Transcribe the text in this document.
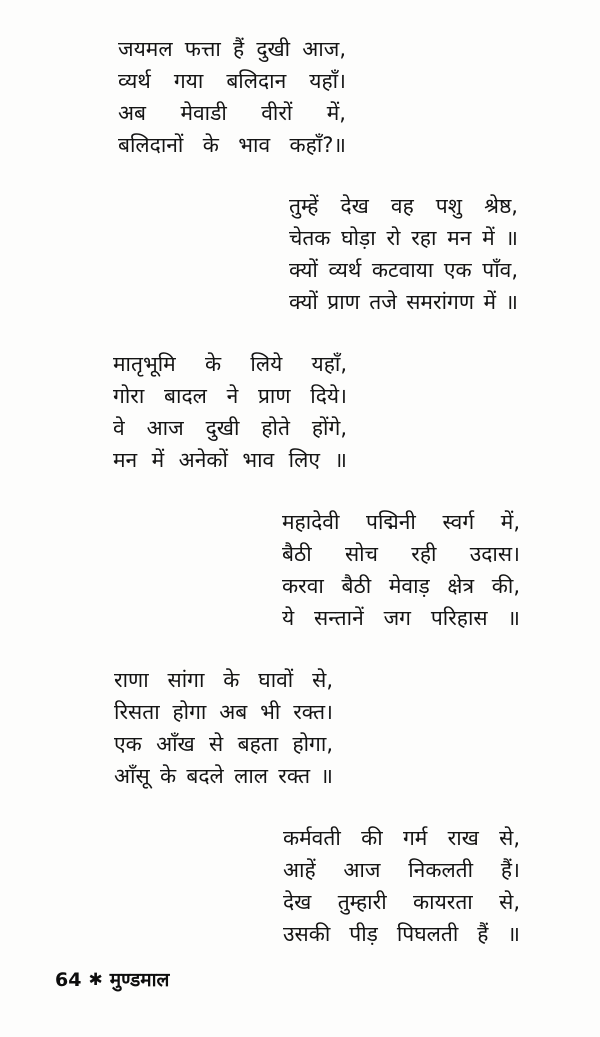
जयमल फत्ता हैं दुखी आज,
व्यर्थ गया बलिदान यहाँ।
अब मेवाडी वीरों में,
बलिदानों के भाव कहाँ?॥
तुम्हें देख वह पशु श्रेष्ठ,
चेतक घोड़ा रो रहा मन में ॥
क्यों व्यर्थ कटवाया एक पाँव,
क्यों प्राण तजे समरांगण में ॥
मातृभूमि के लिये यहाँ,
गोरा बादल ने प्राण दिये।
वे आज दुखी होते होंगे,
मन में अनेकों भाव लिए ॥
महादेवी पद्मिनी स्वर्ग में,
बैठी सोच रही उदास।
करवा बैठी मेवाड़ क्षेत्र की,
ये सन्तानें जग परिहास ॥
राणा सांगा के घावों से,
रिसता होगा अब भी रक्त।
एक आँख से बहता होगा,
आँसू के बदले लाल रक्त ॥
कर्मवती की गर्म राख से,
आहें आज निकलती हैं।
देख तुम्हारी कायरता से,
उसकी पीड़ पिघलती हैं ॥
64 ✱ मुण्डमाल
